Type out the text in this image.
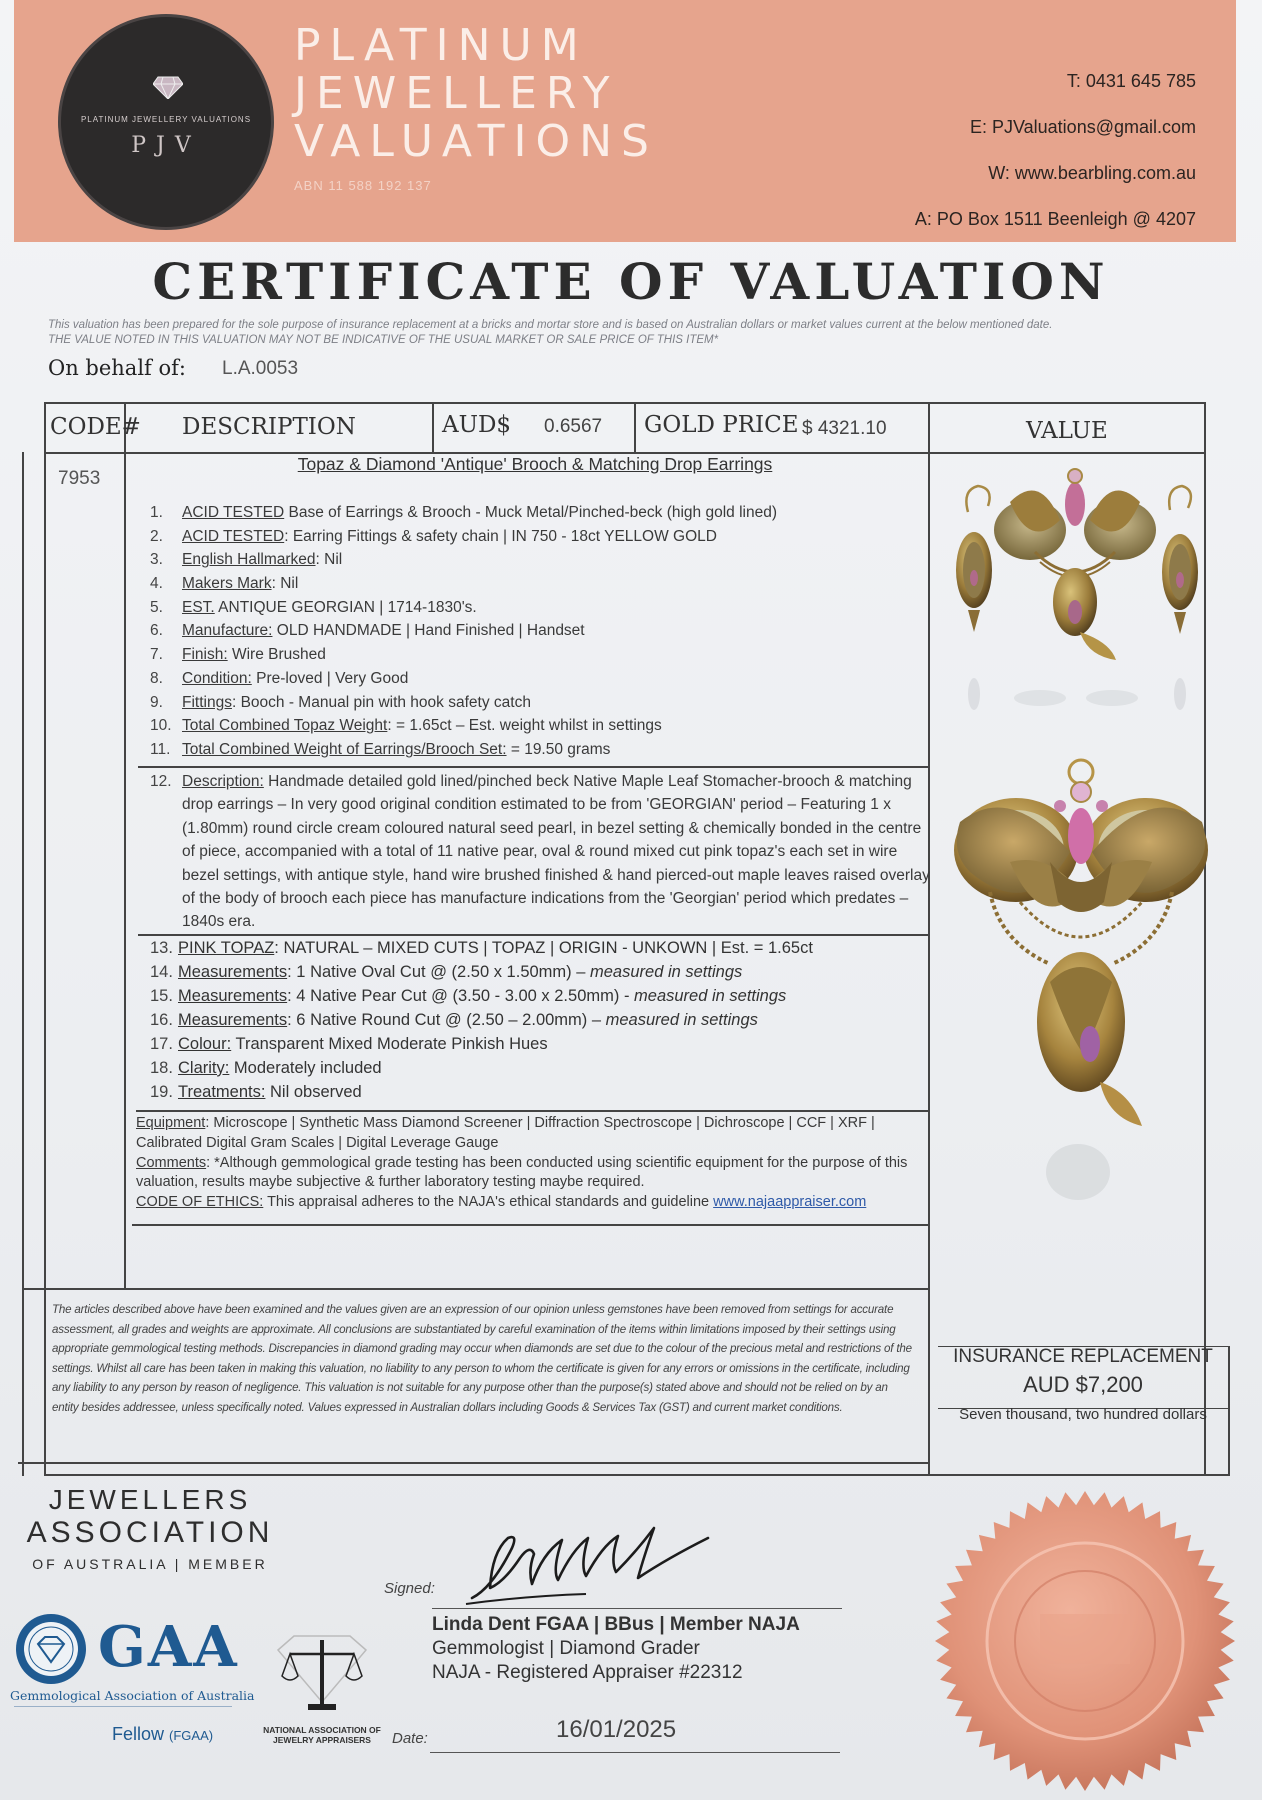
PLATINUM JEWELLERY VALUATIONS
PJV
PLATINUM
JEWELLERY
VALUATIONS
ABN 11 588 192 137
T: 0431 645 785
E: PJValuations@gmail.com
W: www.bearbling.com.au
A: PO Box 1511 Beenleigh @ 4207
CERTIFICATE OF VALUATION
This valuation has been prepared for the sole purpose of insurance replacement at a bricks and mortar store and is based on Australian dollars or market values current at the below mentioned date.
THE VALUE NOTED IN THIS VALUATION MAY NOT BE INDICATIVE OF THE USUAL MARKET OR SALE PRICE OF THIS ITEM*
On behalf of: L.A.0053
CODE# DESCRIPTION	AUD$ 0.6567 GOLD PRICE $ 4321.10	VALUE
7953
Topaz & Diamond 'Antique' Brooch & Matching Drop Earrings
1.	ACID TESTED Base of Earrings & Brooch - Muck Metal/Pinched-beck (high gold lined)
2.	ACID TESTED : Earring Fittings & safety chain | IN 750 - 18ct YELLOW GOLD
3.	English Hallmarked : Nil
4.	Makers Mark : Nil
5.	EST. ANTIQUE GEORGIAN | 1714-1830's.
6.	Manufacture: OLD HANDMADE | Hand Finished | Handset
7.	Finish: Wire Brushed
8.	Condition: Pre-loved | Very Good
9.	Fittings : Booch - Manual pin with hook safety catch
10. Total Combined Topaz Weight : = 1.65ct – Est. weight whilst in settings
11. Total Combined Weight of Earrings/Brooch Set: = 19.50 grams
12. Description: Handmade detailed gold lined/pinched beck Native Maple Leaf Stomacher-brooch & matching drop earrings – In very good original condition estimated to be from 'GEORGIAN' period – Featuring 1 x (1.80mm) round circle cream coloured natural seed pearl, in bezel setting & chemically bonded in the centre of piece, accompanied with a total of 11 native pear, oval & round mixed cut pink topaz's each set in wire bezel settings, with antique style, hand wire brushed finished & hand pierced-out maple leaves raised overlay of the body of brooch each piece has manufacture indications from the 'Georgian' period which predates – 1840s era.
13. PINK TOPAZ: NATURAL – MIXED CUTS | TOPAZ | ORIGIN - UNKOWN | Est. = 1.65ct
14. Measurements: 1 Native Oval Cut @ (2.50 x 1.50mm) – measured in settings
15. Measurements: 4 Native Pear Cut @ (3.50 - 3.00 x 2.50mm) - measured in settings
16. Measurements: 6 Native Round Cut @ (2.50 – 2.00mm) – measured in settings
17. Colour: Transparent Mixed Moderate Pinkish Hues
18. Clarity: Moderately included
19. Treatments: Nil observed
Equipment: Microscope | Synthetic Mass Diamond Screener | Diffraction Spectroscope | Dichroscope | CCF | XRF | Calibrated Digital Gram Scales | Digital Leverage Gauge
Comments: *Although gemmological grade testing has been conducted using scientific equipment for the purpose of this valuation, results maybe subjective & further laboratory testing maybe required.
CODE OF ETHICS: This appraisal adheres to the NAJA's ethical standards and guideline www.najaappraiser.com
The articles described above have been examined and the values given are an expression of our opinion unless gemstones have been removed from settings for accurate assessment, all grades and weights are approximate. All conclusions are substantiated by careful examination of the items within limitations imposed by their settings using appropriate gemmological testing methods. Discrepancies in diamond grading may occur when diamonds are set due to the colour of the precious metal and restrictions of the settings. Whilst all care has been taken in making this valuation, no liability to any person to whom the certificate is given for any errors or omissions in the certificate, including any liability to any person by reason of negligence. This valuation is not suitable for any purpose other than the purpose(s) stated above and should not be relied on by an entity besides addressee, unless specifically noted. Values expressed in Australian dollars including Goods & Services Tax (GST) and current market conditions.
INSURANCE REPLACEMENT
AUD $7,200
Seven thousand, two hundred dollars
JEWELLERS
ASSOCIATION
OF AUSTRALIA | MEMBER
GAA
Gemmological Association of Australia
Fellow (FGAA)	NATIONAL ASSOCIATION OF JEWELRY APPRAISERS
Signed:
Linda Dent FGAA | BBus | Member NAJA
Gemmologist | Diamond Grader
NAJA - Registered Appraiser #22312
Date:	16/01/2025
